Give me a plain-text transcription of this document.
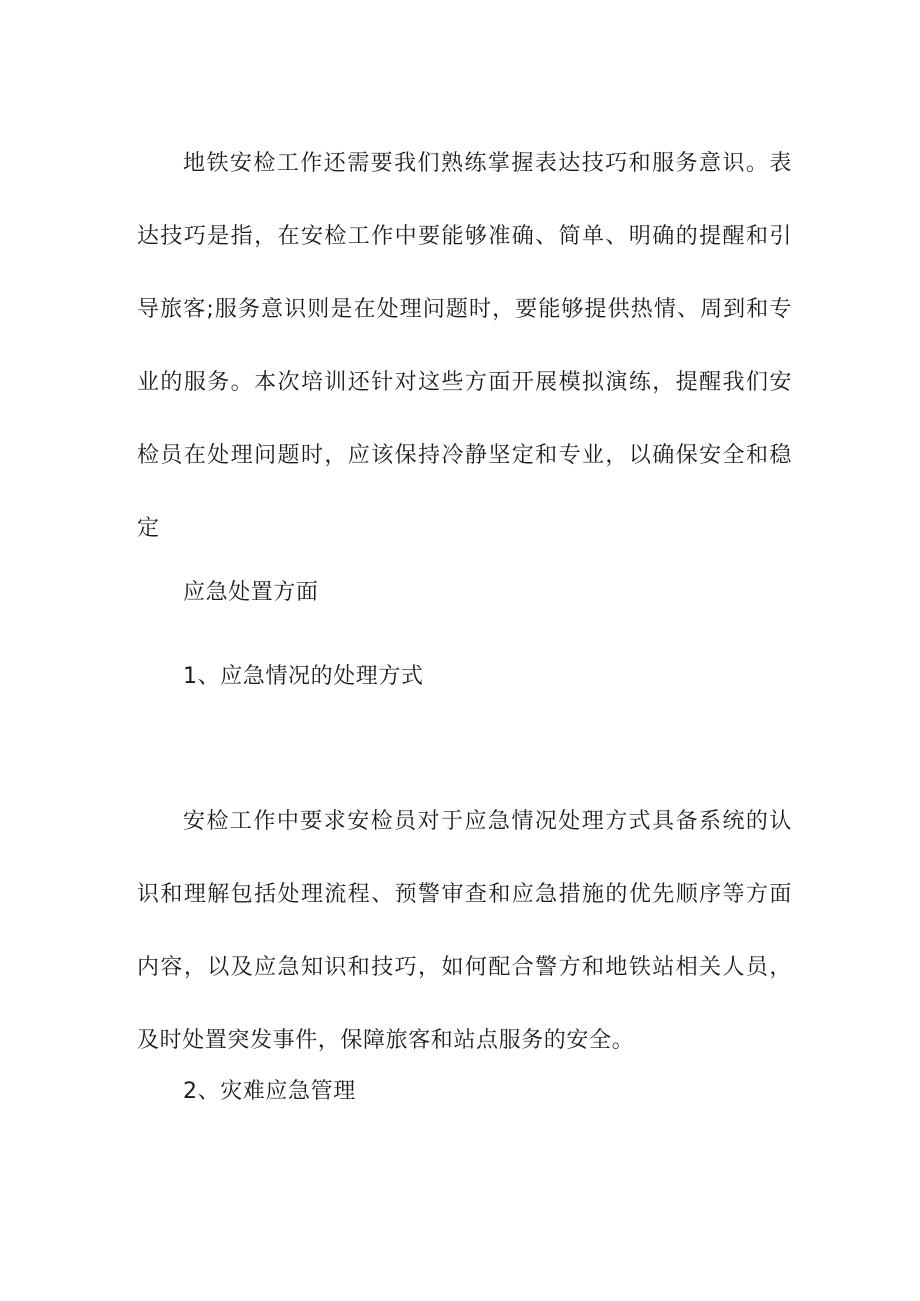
地铁安检工作还需要我们熟练掌握表达技巧和服务意识。表达技巧是指，在安检工作中要能够准确、简单、明确的提醒和引导旅客;服务意识则是在处理问题时，要能够提供热情、周到和专业的服务。本次培训还针对这些方面开展模拟演练，提醒我们安检员在处理问题时，应该保持冷静坚定和专业，以确保安全和稳定

应急处置方面

1、应急情况的处理方式

安检工作中要求安检员对于应急情况处理方式具备系统的认识和理解包括处理流程、预警审查和应急措施的优先顺序等方面内容，以及应急知识和技巧，如何配合警方和地铁站相关人员，及时处置突发事件，保障旅客和站点服务的安全。

2、灾难应急管理
